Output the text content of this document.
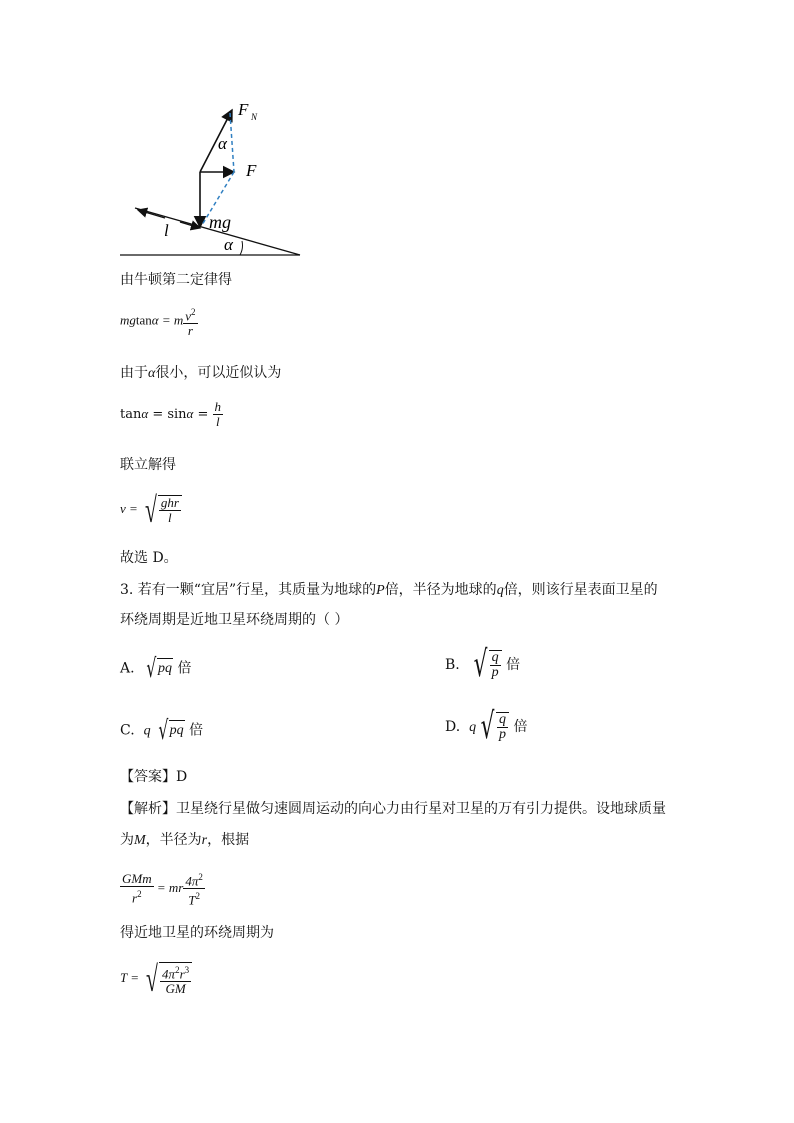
F N
α
F
mg
l
α
由牛顿第二定律得
mgtanα = m $\frac{v^2}{r}$
由于α很小，可以近似认为
$\tan\alpha = \sin\alpha = \frac{h}{l}$
联立解得
v = √ $\frac{\text{ghr}}{l}$
故选 D。
3. 若有一颗“宜居”行星，其质量为地球的P倍，半径为地球的q倍，则该行星表面卫星的
环绕周期是近地卫星环绕周期的（ ）
A. √pq 倍	B. √ $\frac{q}{p}$ 倍
C. q √pq 倍	D. q √ $\frac{q}{p}$ 倍
【答案】D
【解析】卫星绕行星做匀速圆周运动的向心力由行星对卫星的万有引力提供。设地球质量
为M，半径为r，根据
$\frac{\text{GMm}}{r^2}$ = mr $\frac{4\pi^2}{T^2}$
得近地卫星的环绕周期为
T = √ $\frac{4\pi^2r^3}{GM}$
